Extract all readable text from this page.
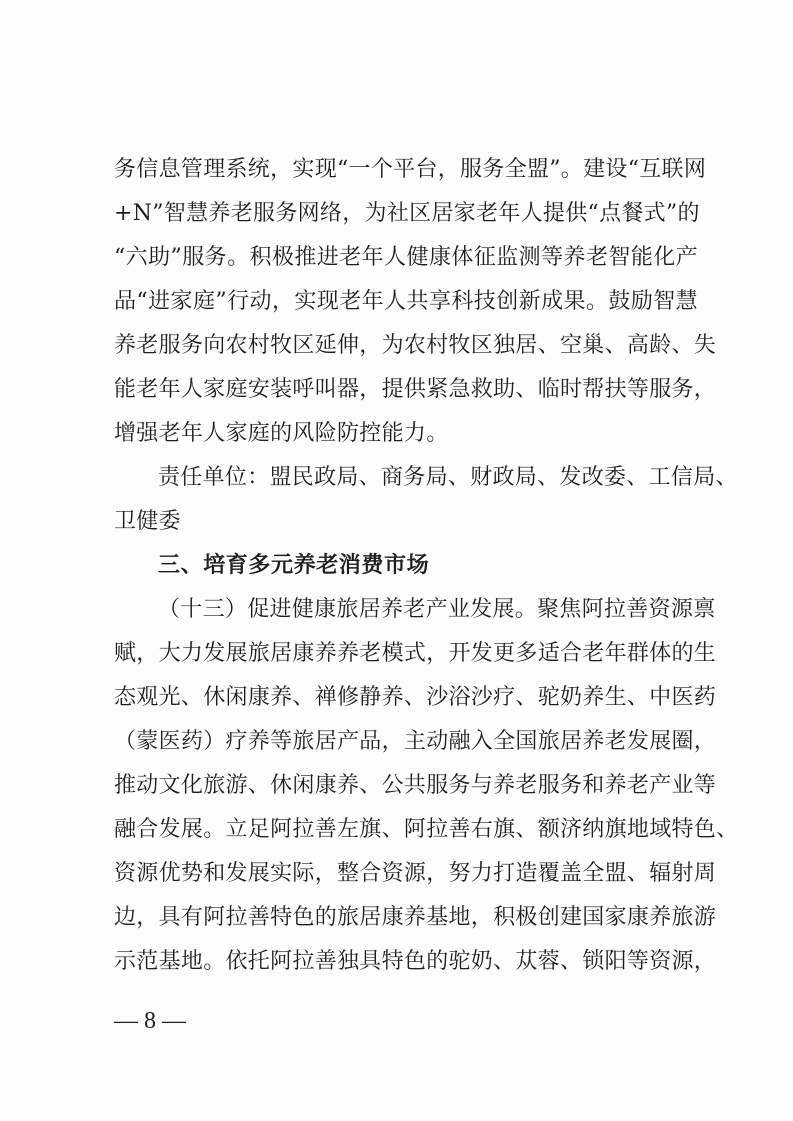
务信息管理系统，实现“一个平台，服务全盟”。建设“互联网
+N”智慧养老服务网络，为社区居家老年人提供“点餐式”的
“六助”服务。积极推进老年人健康体征监测等养老智能化产
品“进家庭”行动，实现老年人共享科技创新成果。鼓励智慧
养老服务向农村牧区延伸，为农村牧区独居、空巢、高龄、失
能老年人家庭安装呼叫器，提供紧急救助、临时帮扶等服务，
增强老年人家庭的风险防控能力。
责任单位：盟民政局、商务局、财政局、发改委、工信局、
卫健委
三、培育多元养老消费市场
（十三）促进健康旅居养老产业发展。聚焦阿拉善资源禀
赋，大力发展旅居康养养老模式，开发更多适合老年群体的生
态观光、休闲康养、禅修静养、沙浴沙疗、驼奶养生、中医药
（蒙医药）疗养等旅居产品，主动融入全国旅居养老发展圈，
推动文化旅游、休闲康养、公共服务与养老服务和养老产业等
融合发展。立足阿拉善左旗、阿拉善右旗、额济纳旗地域特色、
资源优势和发展实际，整合资源，努力打造覆盖全盟、辐射周
边，具有阿拉善特色的旅居康养基地，积极创建国家康养旅游
示范基地。依托阿拉善独具特色的驼奶、苁蓉、锁阳等资源，
— 8 —
